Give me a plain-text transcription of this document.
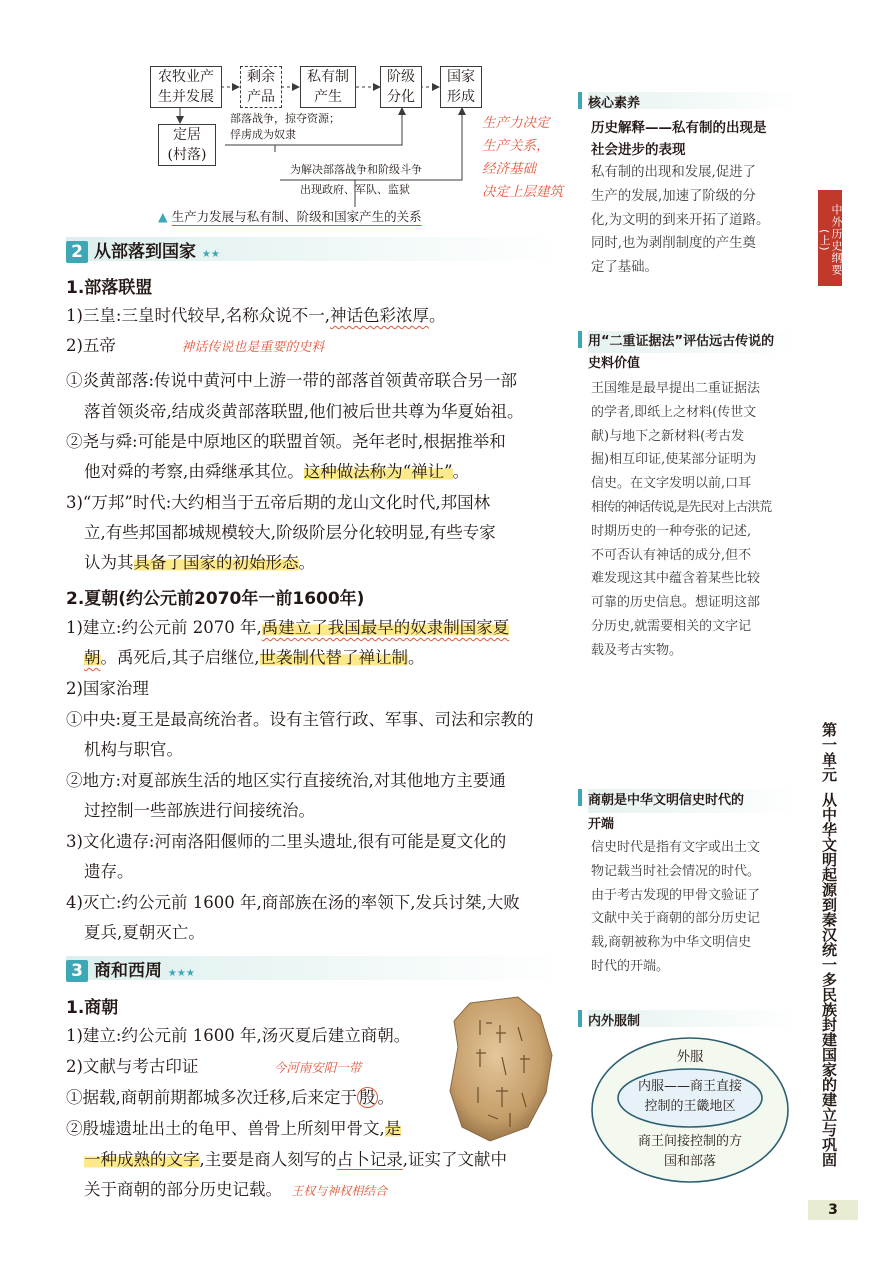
农牧业产
生并发展
剩余
产品
私有制
产生
阶级
分化
国家
形成
定居
(村落)
部落战争，掠夺资源；
俘虏成为奴隶
为解决部落战争和阶级斗争
出现政府、军队、监狱
生产力决定
生产关系，
经济基础
决定上层建筑
▲ 生产力发展与私有制、阶级和国家产生的关系
2 从部落到国家 ★★
1.部落联盟
1)三皇:三皇时代较早,名称众说不一,神话色彩浓厚。
2)五帝	神话传说也是重要的史料
①炎黄部落:传说中黄河中上游一带的部落首领黄帝联合另一部
落首领炎帝,结成炎黄部落联盟,他们被后世共尊为华夏始祖。
②尧与舜:可能是中原地区的联盟首领。尧年老时,根据推举和
他对舜的考察,由舜继承其位。这种做法称为“禅让”。
3)“万邦”时代:大约相当于五帝后期的龙山文化时代,邦国林
立,有些邦国都城规模较大,阶级阶层分化较明显,有些专家
认为其具备了国家的初始形态。
2.夏朝(约公元前2070年一前1600年)
1)建立:约公元前 2070 年,禹建立了我国最早的奴隶制国家夏
朝。禹死后,其子启继位,世袭制代替了禅让制。
2)国家治理
①中央:夏王是最高统治者。设有主管行政、军事、司法和宗教的
机构与职官。
②地方:对夏部族生活的地区实行直接统治,对其他地方主要通
过控制一些部族进行间接统治。
3)文化遗存:河南洛阳偃师的二里头遗址,很有可能是夏文化的
遗存。
4)灭亡:约公元前 1600 年,商部族在汤的率领下,发兵讨桀,大败
夏兵,夏朝灭亡。
3 商和西周 ★★★
1.商朝
1)建立:约公元前 1600 年,汤灭夏后建立商朝。
2)文献与考古印证	今河南安阳一带
①据载,商朝前期都城多次迁移,后来定于 殷 。
②殷墟遗址出土的龟甲、兽骨上所刻甲骨文,是
一种成熟的文字,主要是商人刻写的占卜记录,证实了文献中
关于商朝的部分历史记载。 王权与神权相结合
核心素养
历史解释——私有制的出现是
社会进步的表现
私有制的出现和发展,促进了
生产的发展,加速了阶级的分
化,为文明的到来开拓了道路。
同时,也为剥削制度的产生奠
定了基础。
用“二重证据法”评估远古传说的
史料价值
王国维是最早提出二重证据法
的学者,即纸上之材料(传世文
献)与地下之新材料(考古发
掘)相互印证,使某部分证明为
信史。在文字发明以前,口耳
相传的神话传说,是先民对上古洪荒
时期历史的一种夸张的记述,
不可否认有神话的成分,但不
难发现这其中蕴含着某些比较
可靠的历史信息。想证明这部
分历史,就需要相关的文字记
载及考古实物。
商朝是中华文明信史时代的
开端
信史时代是指有文字或出土文
物记载当时社会情况的时代。
由于考古发现的甲骨文验证了
文献中关于商朝的部分历史记
载,商朝被称为中华文明信史
时代的开端。
内外服制
外服
内服——商王直接
控制的王畿地区
商王间接控制的方
国和部落
中外历史纲要(上)
第一单元从中华文明起源到秦汉统一多民族封建国家的建立与巩固
3
